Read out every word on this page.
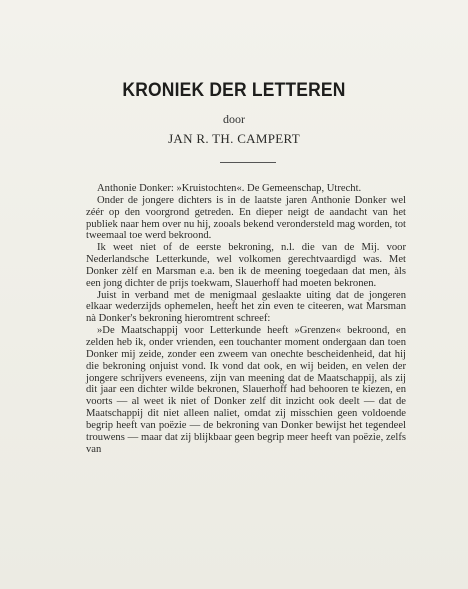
KRONIEK DER LETTEREN
door
JAN R. TH. CAMPERT

Anthonie Donker: »Kruistochten«. De Gemeenschap, Utrecht.

Onder de jongere dichters is in de laatste jaren Anthonie Donker wel zéér op den voorgrond getreden. En dieper neigt de aandacht van het publiek naar hem over nu hij, zooals bekend verondersteld mag worden, tot tweemaal toe werd bekroond.

Ik weet niet of de eerste bekroning, n.l. die van de Mij. voor Nederlandsche Letterkunde, wel volkomen gerechtvaardigd was. Met Donker zèlf en Marsman e.a. ben ik de meening toegedaan dat men, àls een jong dichter de prijs toekwam, Slauerhoff had moeten bekronen.

Juist in verband met de menigmaal geslaakte uiting dat de jongeren elkaar wederzijds ophemelen, heeft het zin even te citeeren, wat Marsman nà Donker's bekroning hieromtrent schreef:

»De Maatschappij voor Letterkunde heeft »Grenzen« bekroond, en zelden heb ik, onder vrienden, een touchanter moment ondergaan dan toen Donker mij zeide, zonder een zweem van onechte bescheidenheid, dat hij die bekroning onjuist vond. Ik vond dat ook, en wij beiden, en velen der jongere schrijvers eveneens, zijn van meening dat de Maatschappij, als zij dit jaar een dichter wilde bekronen, Slauerhoff had behooren te kiezen, en voorts — al weet ik niet of Donker zelf dit inzicht ook deelt — dat de Maatschappij dit niet alleen naliet, omdat zij misschien geen voldoende begrip heeft van poëzie — de bekroning van Donker bewijst het tegendeel trouwens — maar dat zij blijkbaar geen begrip meer heeft van poëzie, zelfs van
